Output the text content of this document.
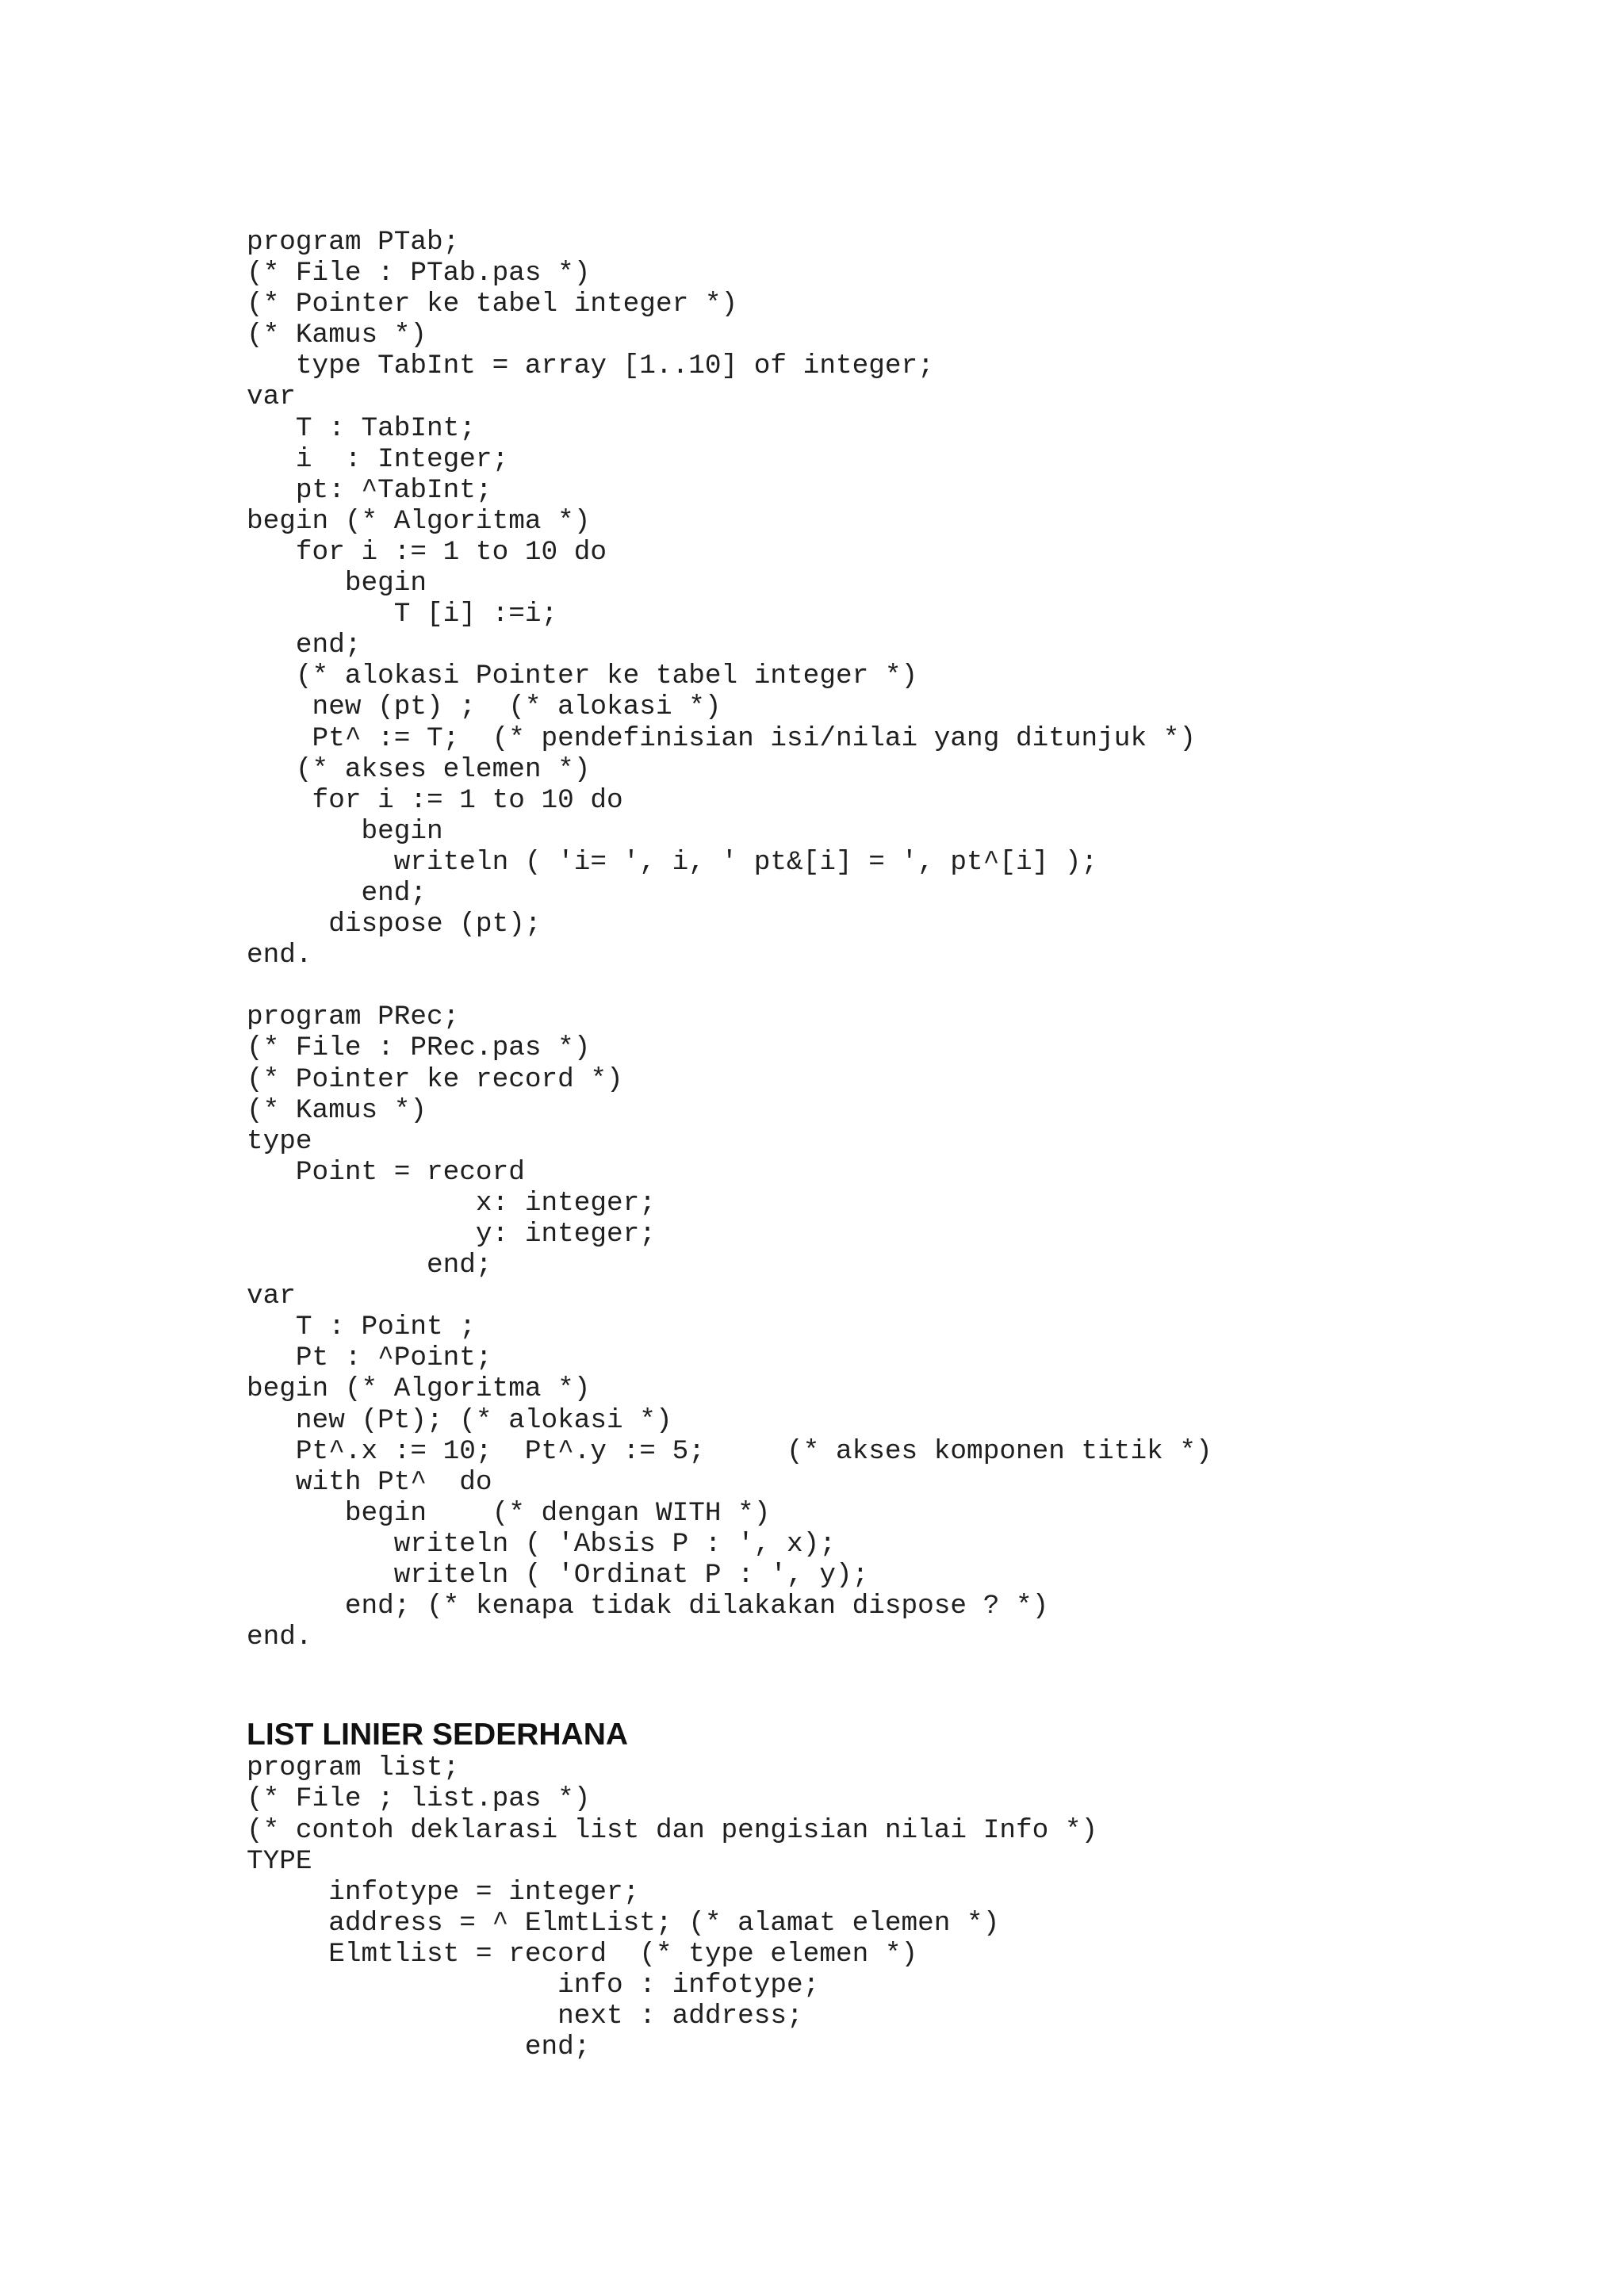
program PTab;
(* File : PTab.pas *)
(* Pointer ke tabel integer *)
(* Kamus *)
type TabInt = array [1..10] of integer;
var
T : TabInt;
i  : Integer;
pt: ^TabInt;
begin (* Algoritma *)
for i := 1 to 10 do
begin
T [i] :=i;
end;
(* alokasi Pointer ke tabel integer *)
new (pt) ;  (* alokasi *)
Pt^ := T;  (* pendefinisian isi/nilai yang ditunjuk *)
(* akses elemen *)
for i := 1 to 10 do
begin
writeln ( 'i= ', i, ' pt&[i] = ', pt^[i] );
end;
dispose (pt);
end.
program PRec;
(* File : PRec.pas *)
(* Pointer ke record *)
(* Kamus *)
type
Point = record
x: integer;
y: integer;
end;
var
T : Point ;
Pt : ^Point;
begin (* Algoritma *)
new (Pt); (* alokasi *)
Pt^.x := 10;  Pt^.y := 5;     (* akses komponen titik *)
with Pt^  do
begin    (* dengan WITH *)
writeln ( 'Absis P : ', x);
writeln ( 'Ordinat P : ', y);
end; (* kenapa tidak dilakakan dispose ? *)
end.
LIST LINIER SEDERHANA
program list;
(* File ; list.pas *)
(* contoh deklarasi list dan pengisian nilai Info *)
TYPE
infotype = integer;
address = ^ ElmtList; (* alamat elemen *)
Elmtlist = record  (* type elemen *)
info : infotype;
next : address;
end;
